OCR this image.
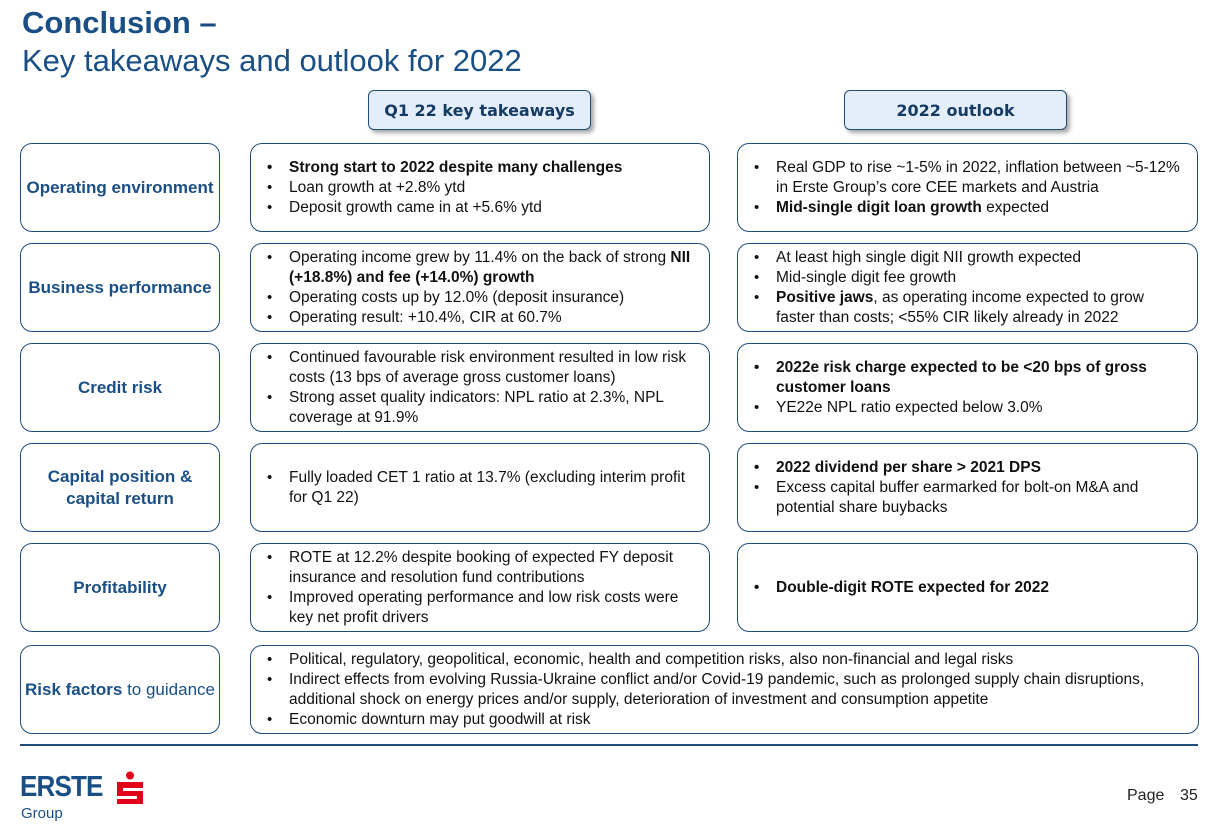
Conclusion –
Key takeaways and outlook for 2022
Q1 22 key takeaways	2022 outlook
Operating environment
• Strong start to 2022 despite many challenges
• Loan growth at +2.8% ytd
• Deposit growth came in at +5.6% ytd
• Real GDP to rise ~1-5% in 2022, inflation between ~5-12% in Erste Group’s core CEE markets and Austria
• Mid-single digit loan growth expected
Business performance
• Operating income grew by 11.4% on the back of strong NII (+18.8%) and fee (+14.0%) growth
• Operating costs up by 12.0% (deposit insurance)
• Operating result: +10.4%, CIR at 60.7%
• At least high single digit NII growth expected
• Mid-single digit fee growth
• Positive jaws, as operating income expected to grow faster than costs; <55% CIR likely already in 2022
Credit risk
• Continued favourable risk environment resulted in low risk costs (13 bps of average gross customer loans)
• Strong asset quality indicators: NPL ratio at 2.3%, NPL coverage at 91.9%
• 2022e risk charge expected to be <20 bps of gross customer loans
• YE22e NPL ratio expected below 3.0%
Capital position &
capital return
• Fully loaded CET 1 ratio at 13.7% (excluding interim profit for Q1 22)
• 2022 dividend per share > 2021 DPS
• Excess capital buffer earmarked for bolt-on M&A and potential share buybacks
Profitability
• ROTE at 12.2% despite booking of expected FY deposit insurance and resolution fund contributions
• Improved operating performance and low risk costs were key net profit drivers
• Double-digit ROTE expected for 2022
Risk factors to guidance
• Political, regulatory, geopolitical, economic, health and competition risks, also non-financial and legal risks
• Indirect effects from evolving Russia-Ukraine conflict and/or Covid-19 pandemic, such as prolonged supply chain disruptions, additional shock on energy prices and/or supply, deterioration of investment and consumption appetite
• Economic downturn may put goodwill at risk
ERSTE
Group
Page 35
